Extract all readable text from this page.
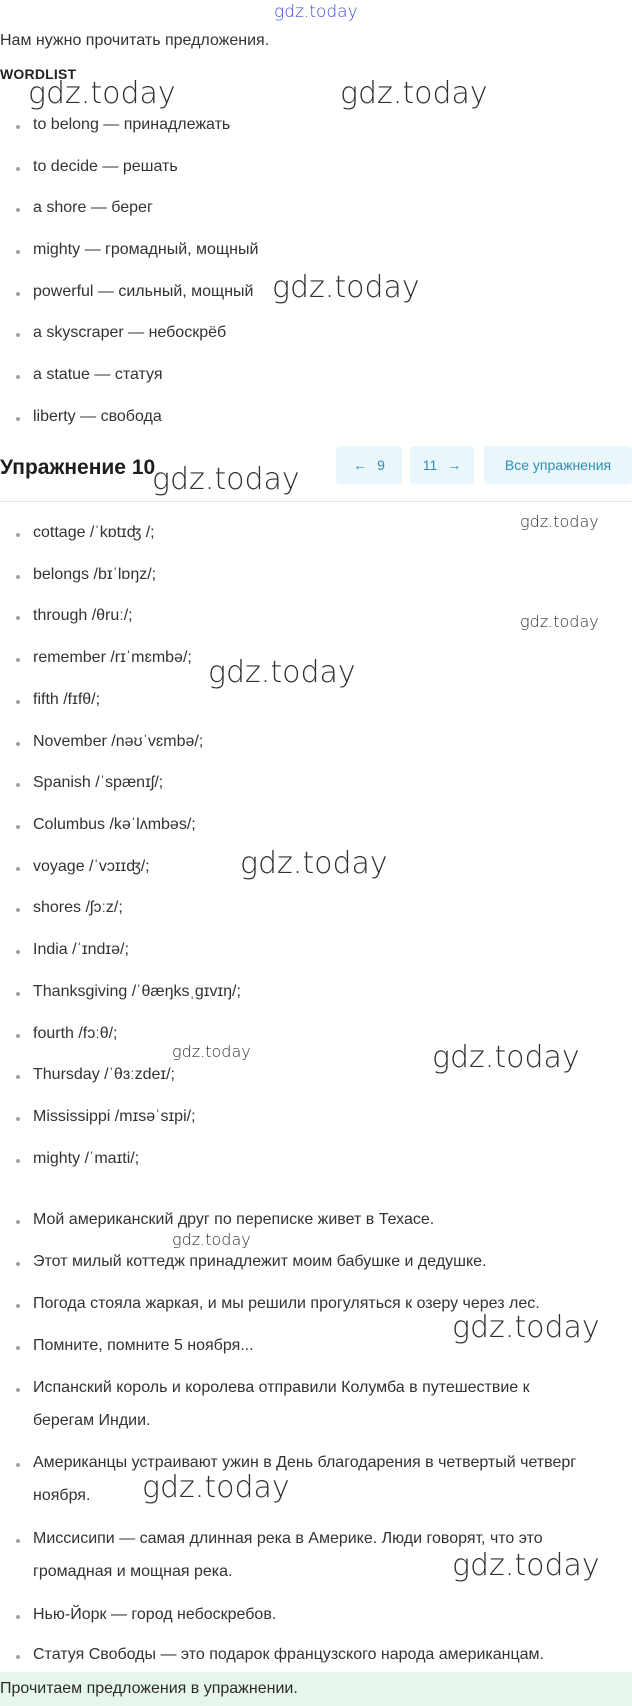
gdz.today
Нам нужно прочитать предложения.
WORDLIST
to belong — принадлежать
to decide — решать
a shore — берег
mighty — громадный, мощный
powerful — сильный, мощный
a skyscraper — небоскрёб
a statue — статуя
liberty — свобода
Упражнение 10	← 9	11 →	Все упражнения
cottage /ˈkɒtɪʤ /;
belongs /bɪˈlɒŋz/;
through /θruː/;
remember /rɪˈmɛmbə/;
fifth /fɪfθ/;
November /nəʊˈvɛmbə/;
Spanish /ˈspænɪʃ/;
Columbus /kəˈlʌmbəs/;
voyage /ˈvɔɪɪʤ/;
shores /ʃɔːz/;
India /ˈɪndɪə/;
Thanksgiving /ˈθæŋksˌgɪvɪŋ/;
fourth /fɔːθ/;
Thursday /ˈθɜːzdeɪ/;
Mississippi /mɪsəˈsɪpi/;
mighty /ˈmaɪti/;
Мой американский друг по переписке живет в Техасе.
Этот милый коттедж принадлежит моим бабушке и дедушке.
Погода стояла жаркая, и мы решили прогуляться к озеру через лес.
Помните, помните 5 ноября...
Испанский король и королева отправили Колумба в путешествие к
берегам Индии.
Американцы устраивают ужин в День благодарения в четвертый четверг
ноября.
Миссисипи — самая длинная река в Америке. Люди говорят, что это
громадная и мощная река.
Нью-Йорк — город небоскребов.
Статуя Свободы — это подарок французского народа американцам.
Прочитаем предложения в упражнении.
gdz.today	gdz.today
gdz.today
gdz.today
gdz.today
gdz.today
gdz.today
gdz.today
gdz.today	gdz.today
gdz.today
gdz.today
gdz.today
gdz.today
